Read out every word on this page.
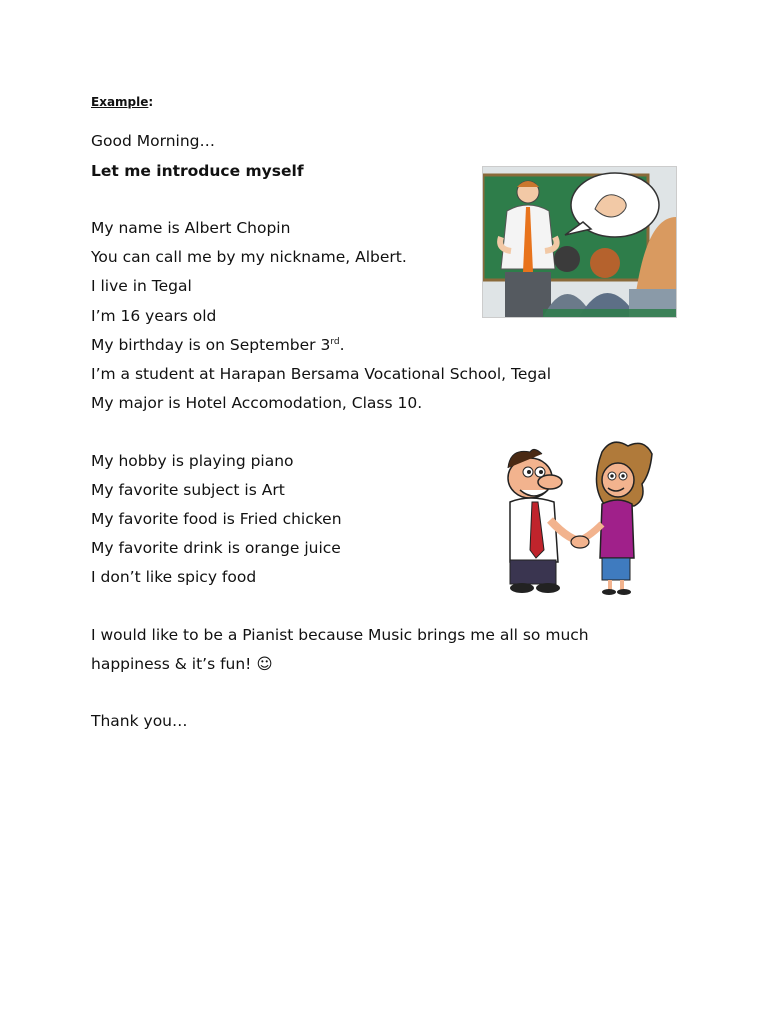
Example:
Good Morning…
Let me introduce myself
My name is Albert Chopin
You can call me by my nickname, Albert.
I live in Tegal
I’m 16 years old
My birthday is on September 3rd.
I’m a student at Harapan Bersama Vocational School, Tegal
My major is Hotel Accomodation, Class 10.
My hobby is playing piano
My favorite subject is Art
My favorite food is Fried chicken
My favorite drink is orange juice
I don’t like spicy food
I would like to be a Pianist because Music brings me all so much
happiness & it’s fun! ☺
Thank you…
